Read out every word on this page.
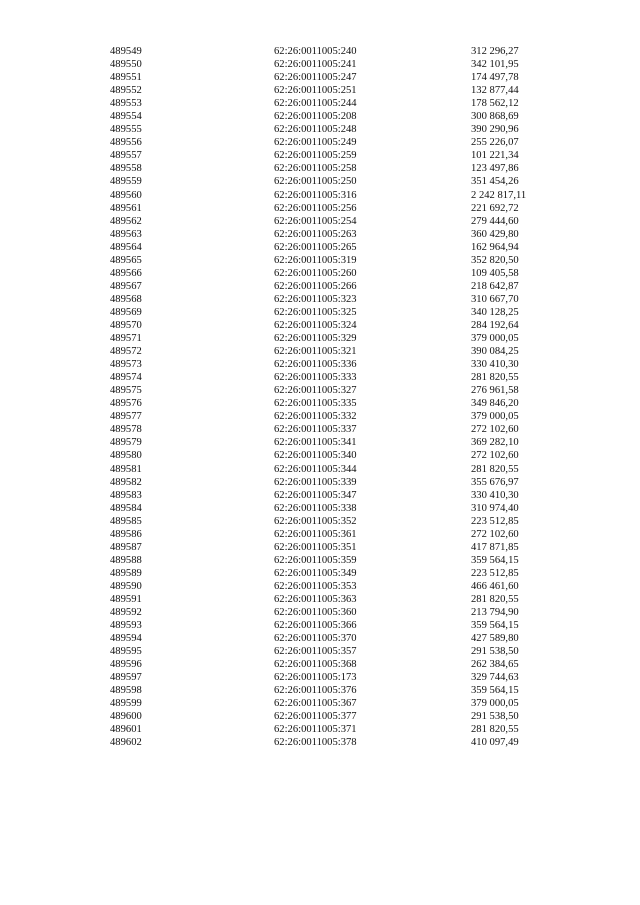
489549	62:26:0011005:240	312 296,27
489550	62:26:0011005:241	342 101,95
489551	62:26:0011005:247	174 497,78
489552	62:26:0011005:251	132 877,44
489553	62:26:0011005:244	178 562,12
489554	62:26:0011005:208	300 868,69
489555	62:26:0011005:248	390 290,96
489556	62:26:0011005:249	255 226,07
489557	62:26:0011005:259	101 221,34
489558	62:26:0011005:258	123 497,86
489559	62:26:0011005:250	351 454,26
489560	62:26:0011005:316	2 242 817,11
489561	62:26:0011005:256	221 692,72
489562	62:26:0011005:254	279 444,60
489563	62:26:0011005:263	360 429,80
489564	62:26:0011005:265	162 964,94
489565	62:26:0011005:319	352 820,50
489566	62:26:0011005:260	109 405,58
489567	62:26:0011005:266	218 642,87
489568	62:26:0011005:323	310 667,70
489569	62:26:0011005:325	340 128,25
489570	62:26:0011005:324	284 192,64
489571	62:26:0011005:329	379 000,05
489572	62:26:0011005:321	390 084,25
489573	62:26:0011005:336	330 410,30
489574	62:26:0011005:333	281 820,55
489575	62:26:0011005:327	276 961,58
489576	62:26:0011005:335	349 846,20
489577	62:26:0011005:332	379 000,05
489578	62:26:0011005:337	272 102,60
489579	62:26:0011005:341	369 282,10
489580	62:26:0011005:340	272 102,60
489581	62:26:0011005:344	281 820,55
489582	62:26:0011005:339	355 676,97
489583	62:26:0011005:347	330 410,30
489584	62:26:0011005:338	310 974,40
489585	62:26:0011005:352	223 512,85
489586	62:26:0011005:361	272 102,60
489587	62:26:0011005:351	417 871,85
489588	62:26:0011005:359	359 564,15
489589	62:26:0011005:349	223 512,85
489590	62:26:0011005:353	466 461,60
489591	62:26:0011005:363	281 820,55
489592	62:26:0011005:360	213 794,90
489593	62:26:0011005:366	359 564,15
489594	62:26:0011005:370	427 589,80
489595	62:26:0011005:357	291 538,50
489596	62:26:0011005:368	262 384,65
489597	62:26:0011005:173	329 744,63
489598	62:26:0011005:376	359 564,15
489599	62:26:0011005:367	379 000,05
489600	62:26:0011005:377	291 538,50
489601	62:26:0011005:371	281 820,55
489602	62:26:0011005:378	410 097,49
